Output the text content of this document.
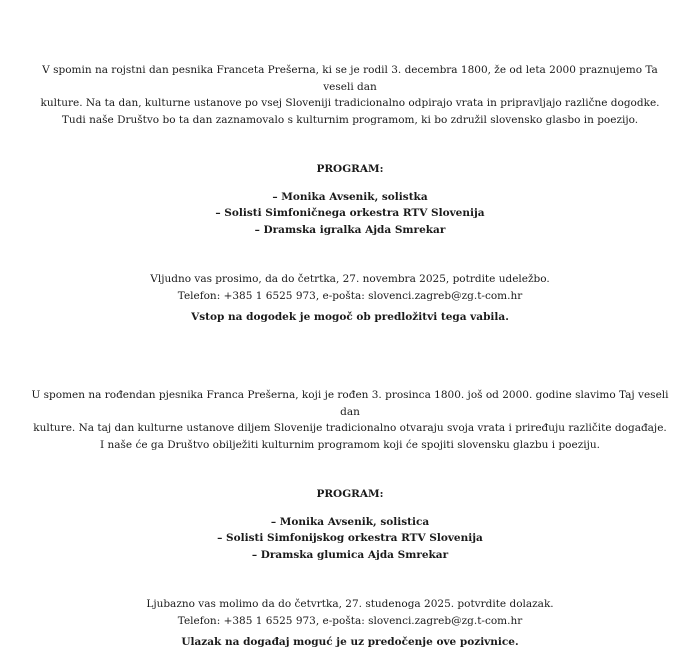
V spomin na rojstni dan pesnika Franceta Prešerna, ki se je rodil 3. decembra 1800, že od leta 2000 praznujemo Ta veseli dan

kulture. Na ta dan, kulturne ustanove po vsej Sloveniji tradicionalno odpirajo vrata in pripravljajo različne dogodke.

Tudi naše Društvo bo ta dan zaznamovalo s kulturnim programom, ki bo združil slovensko glasbo in poezijo.

PROGRAM:

– Monika Avsenik, solistka
– Solisti Simfoničnega orkestra RTV Slovenija
– Dramska igralka Ajda Smrekar

Vljudno vas prosimo, da do četrtka, 27. novembra 2025, potrdite udeležbo.

Telefon: +385 1 6525 973, e-pošta: slovenci.zagreb@zg.t-com.hr

Vstop na dogodek je mogoč ob predložitvi tega vabila.

U spomen na rođendan pjesnika Franca Prešerna, koji je rođen 3. prosinca 1800. još od 2000. godine slavimo Taj veseli dan

kulture. Na taj dan kulturne ustanove diljem Slovenije tradicionalno otvaraju svoja vrata i priređuju različite događaje.

I naše će ga Društvo obilježiti kulturnim programom koji će spojiti slovensku glazbu i poeziju.

PROGRAM:

– Monika Avsenik, solistica
– Solisti Simfonijskog orkestra RTV Slovenija
– Dramska glumica Ajda Smrekar

Ljubazno vas molimo da do četvrtka, 27. studenoga 2025. potvrdite dolazak.

Telefon: +385 1 6525 973, e-pošta: slovenci.zagreb@zg.t-com.hr

Ulazak na događaj moguć je uz predočenje ove pozivnice.
